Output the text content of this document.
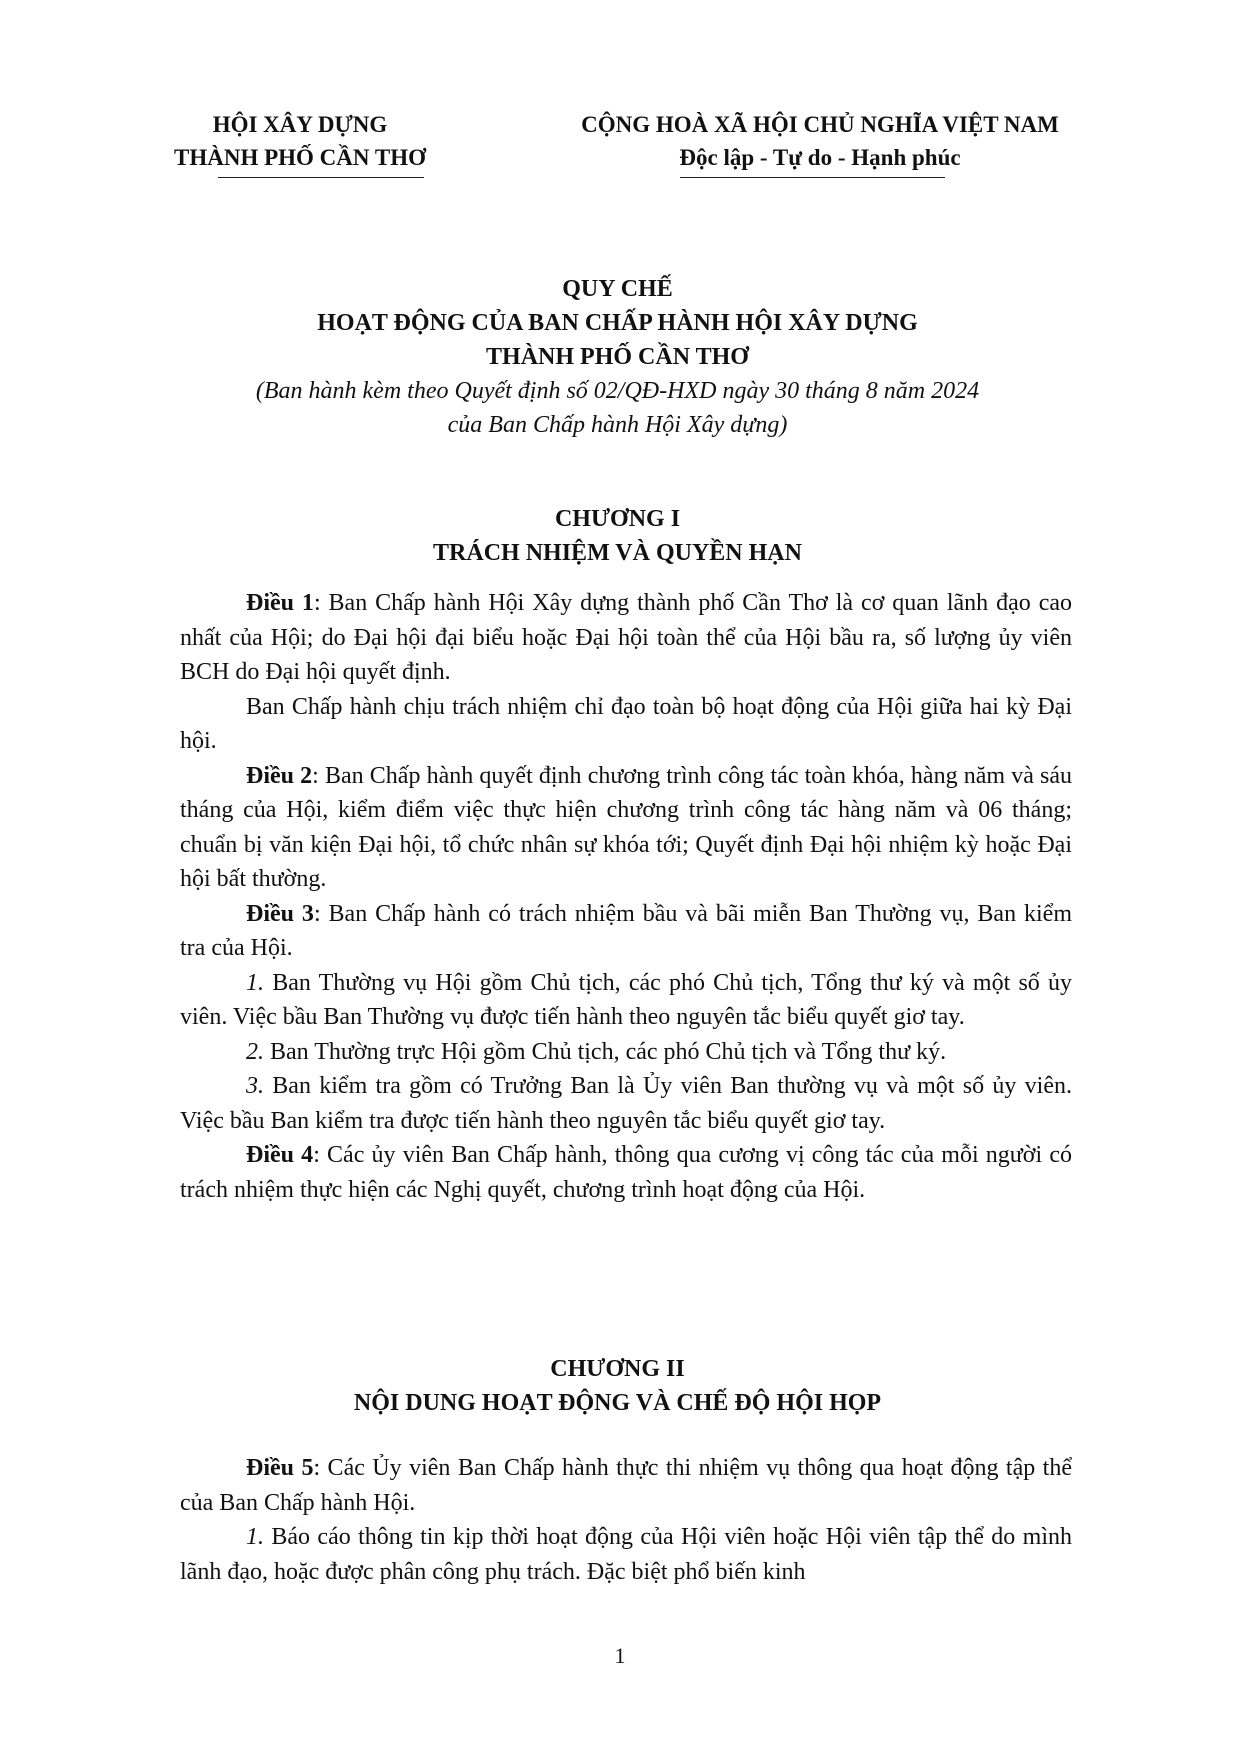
HỘI XÂY DỰNG
THÀNH PHỐ CẦN THƠ
CỘNG HOÀ XÃ HỘI CHỦ NGHĨA VIỆT NAM
Độc lập - Tự do - Hạnh phúc
QUY CHẾ
HOẠT ĐỘNG CỦA BAN CHẤP HÀNH HỘI XÂY DỰNG
THÀNH PHỐ CẦN THƠ
(Ban hành kèm theo Quyết định số 02/QĐ-HXD ngày 30 tháng 8 năm 2024
của Ban Chấp hành Hội Xây dựng)
CHƯƠNG I
TRÁCH NHIỆM VÀ QUYỀN HẠN

Điều 1: Ban Chấp hành Hội Xây dựng thành phố Cần Thơ là cơ quan lãnh đạo cao nhất của Hội; do Đại hội đại biểu hoặc Đại hội toàn thể của Hội bầu ra, số lượng ủy viên BCH do Đại hội quyết định.

Ban Chấp hành chịu trách nhiệm chỉ đạo toàn bộ hoạt động của Hội giữa hai kỳ Đại hội.

Điều 2: Ban Chấp hành quyết định chương trình công tác toàn khóa, hàng năm và sáu tháng của Hội, kiểm điểm việc thực hiện chương trình công tác hàng năm và 06 tháng; chuẩn bị văn kiện Đại hội, tổ chức nhân sự khóa tới; Quyết định Đại hội nhiệm kỳ hoặc Đại hội bất thường.

Điều 3: Ban Chấp hành có trách nhiệm bầu và bãi miễn Ban Thường vụ, Ban kiểm tra của Hội.

1. Ban Thường vụ Hội gồm Chủ tịch, các phó Chủ tịch, Tổng thư ký và một số ủy viên. Việc bầu Ban Thường vụ được tiến hành theo nguyên tắc biểu quyết giơ tay.

2. Ban Thường trực Hội gồm Chủ tịch, các phó Chủ tịch và Tổng thư ký.

3. Ban kiểm tra gồm có Trưởng Ban là Ủy viên Ban thường vụ và một số ủy viên. Việc bầu Ban kiểm tra được tiến hành theo nguyên tắc biểu quyết giơ tay.

Điều 4: Các ủy viên Ban Chấp hành, thông qua cương vị công tác của mỗi người có trách nhiệm thực hiện các Nghị quyết, chương trình hoạt động của Hội.

CHƯƠNG II
NỘI DUNG HOẠT ĐỘNG VÀ CHẾ ĐỘ HỘI HỌP

Điều 5: Các Ủy viên Ban Chấp hành thực thi nhiệm vụ thông qua hoạt động tập thể của Ban Chấp hành Hội.

1. Báo cáo thông tin kịp thời hoạt động của Hội viên hoặc Hội viên tập thể do mình lãnh đạo, hoặc được phân công phụ trách. Đặc biệt phổ biến kinh

1
